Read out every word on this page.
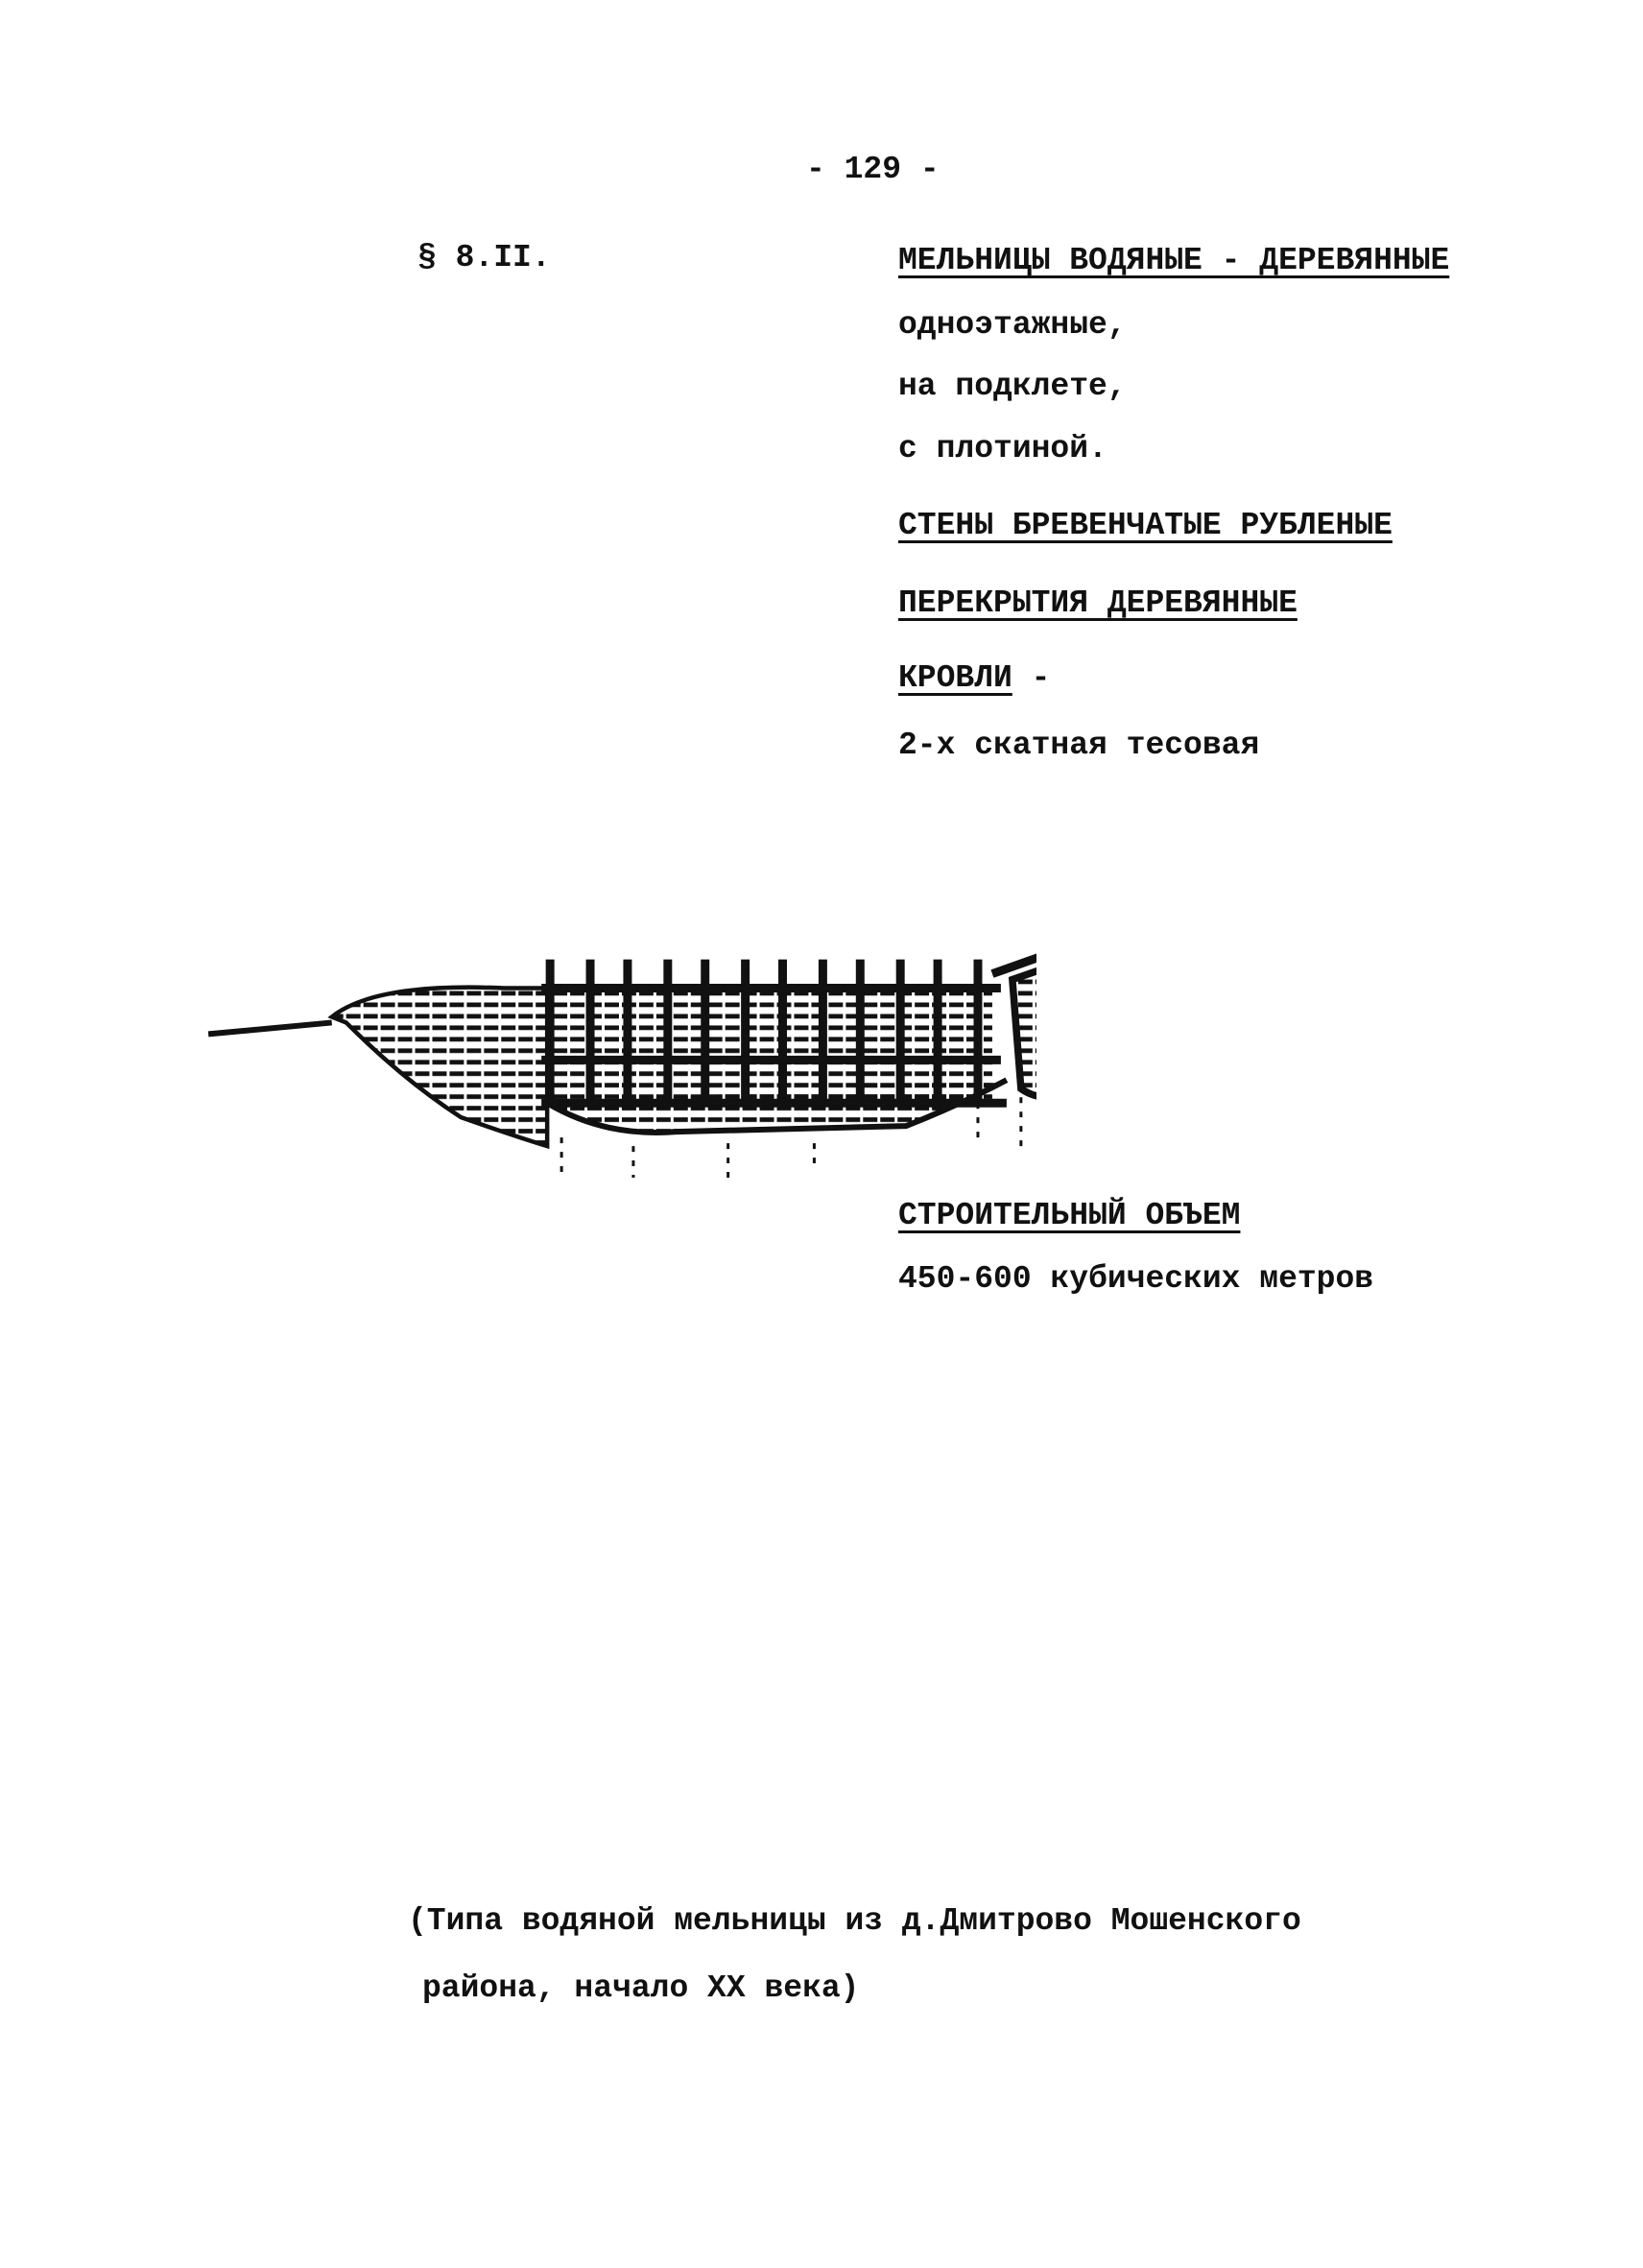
- 129 -
§ 8.II.	МЕЛЬНИЦЫ ВОДЯНЫЕ - ДЕРЕВЯННЫЕ
одноэтажные,
на подклете,
с плотиной.
СТЕНЫ БРЕВЕНЧАТЫЕ РУБЛЕНЫЕ
ПЕРЕКРЫТИЯ ДЕРЕВЯННЫЕ
КРОВЛИ -
2-х скатная тесовая
СТРОИТЕЛЬНЫЙ ОБЪЕМ
450-600 кубических метров
(Типа водяной мельницы из д.Дмитрово Мошенского
района, начало XX века)
